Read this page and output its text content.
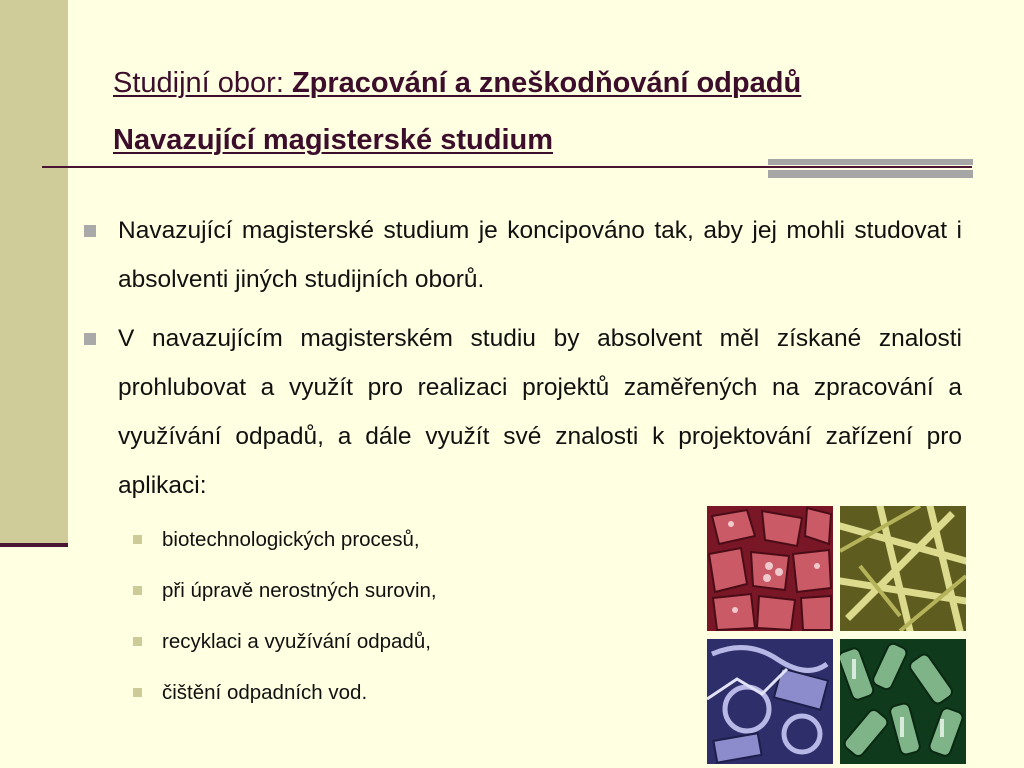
Studijní obor: Zpracování a zneškodňování odpadů
Navazující magisterské studium
Navazující magisterské studium je koncipováno tak, aby jej mohli studovat i absolventi jiných studijních oborů.
V navazujícím magisterském studiu by absolvent měl získané znalosti prohlubovat a využít pro realizaci projektů zaměřených na zpracování a využívání odpadů, a dále využít své znalosti k projektování zařízení pro aplikaci:
biotechnologických procesů,
při úpravě nerostných surovin,
recyklaci a využívání odpadů,
čištění odpadních vod.
